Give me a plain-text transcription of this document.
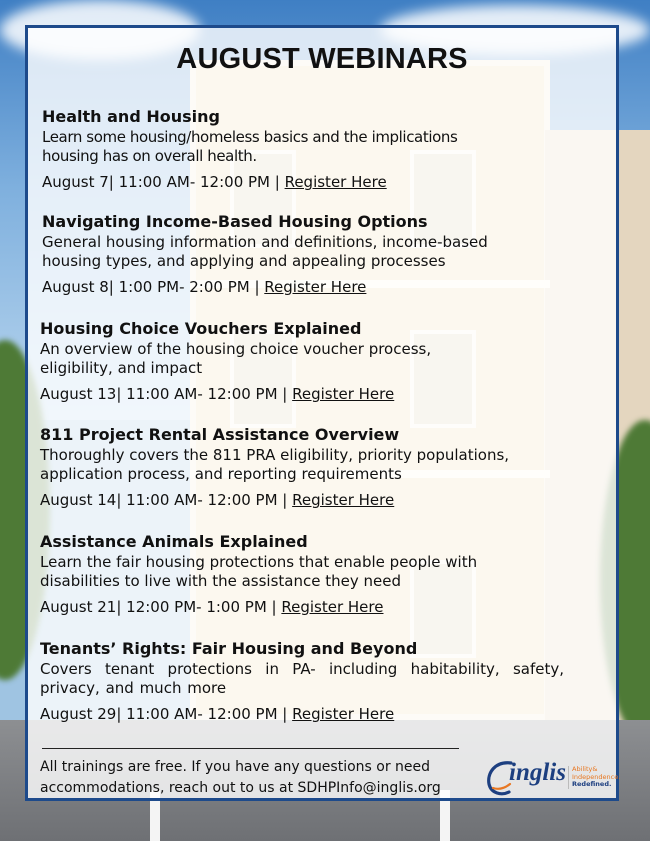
AUGUST WEBINARS

Health and Housing

Learn some housing/homeless basics and the implications housing has on overall health.

August 7| 11:00 AM- 12:00 PM | Register Here

Navigating Income-Based Housing Options

General housing information and definitions, income-based housing types, and applying and appealing processes

August 8| 1:00 PM- 2:00 PM | Register Here

Housing Choice Vouchers Explained

An overview of the housing choice voucher process, eligibility, and impact

August 13| 11:00 AM- 12:00 PM | Register Here

811 Project Rental Assistance Overview

Thoroughly covers the 811 PRA eligibility, priority populations, application process, and reporting requirements

August 14| 11:00 AM- 12:00 PM | Register Here

Assistance Animals Explained

Learn the fair housing protections that enable people with disabilities to live with the assistance they need

August 21| 12:00 PM- 1:00 PM | Register Here

Tenants’ Rights: Fair Housing and Beyond

Covers tenant protections in PA- including habitability, safety, privacy, and much more

August 29| 11:00 AM- 12:00 PM | Register Here

All trainings are free. If you have any questions or need accommodations, reach out to us at SDHPInfo@inglis.org

inglis Ability&
Independence.
Redefined.
